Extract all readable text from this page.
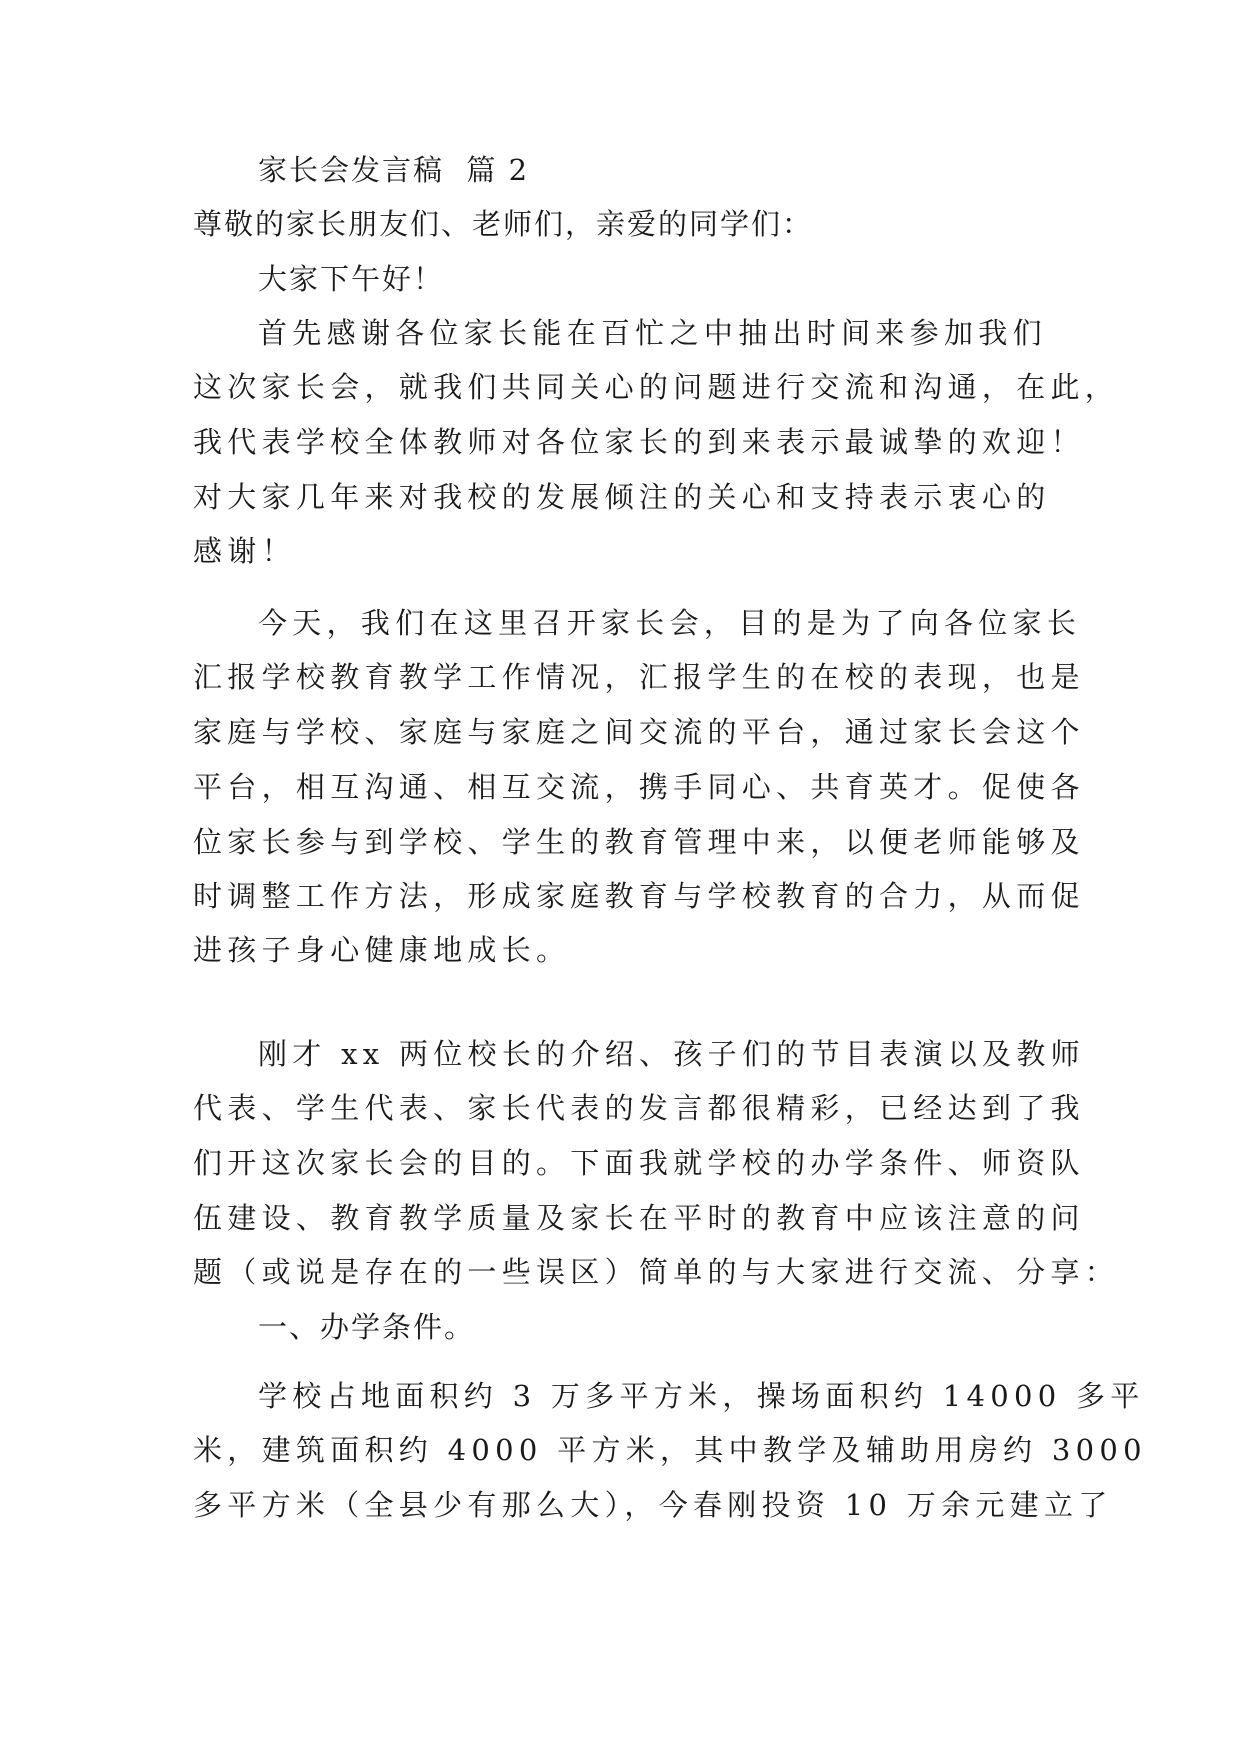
家长会发言稿  篇 2
尊敬的家长朋友们、老师们，亲爱的同学们：
大家下午好！
首先感谢各位家长能在百忙之中抽出时间来参加我们
这次家长会，就我们共同关心的问题进行交流和沟通，在此，
我代表学校全体教师对各位家长的到来表示最诚挚的欢迎！
对大家几年来对我校的发展倾注的关心和支持表示衷心的
感谢！
今天，我们在这里召开家长会，目的是为了向各位家长
汇报学校教育教学工作情况，汇报学生的在校的表现，也是
家庭与学校、家庭与家庭之间交流的平台，通过家长会这个
平台，相互沟通、相互交流，携手同心、共育英才。促使各
位家长参与到学校、学生的教育管理中来，以便老师能够及
时调整工作方法，形成家庭教育与学校教育的合力，从而促
进孩子身心健康地成长。
刚才 xx 两位校长的介绍、孩子们的节目表演以及教师
代表、学生代表、家长代表的发言都很精彩，已经达到了我
们开这次家长会的目的。下面我就学校的办学条件、师资队
伍建设、教育教学质量及家长在平时的教育中应该注意的问
题（或说是存在的一些误区）简单的与大家进行交流、分享：
一、办学条件。
学校占地面积约 3 万多平方米，操场面积约 14000 多平
米，建筑面积约 4000 平方米，其中教学及辅助用房约 3000
多平方米（全县少有那么大），今春刚投资 10 万余元建立了
